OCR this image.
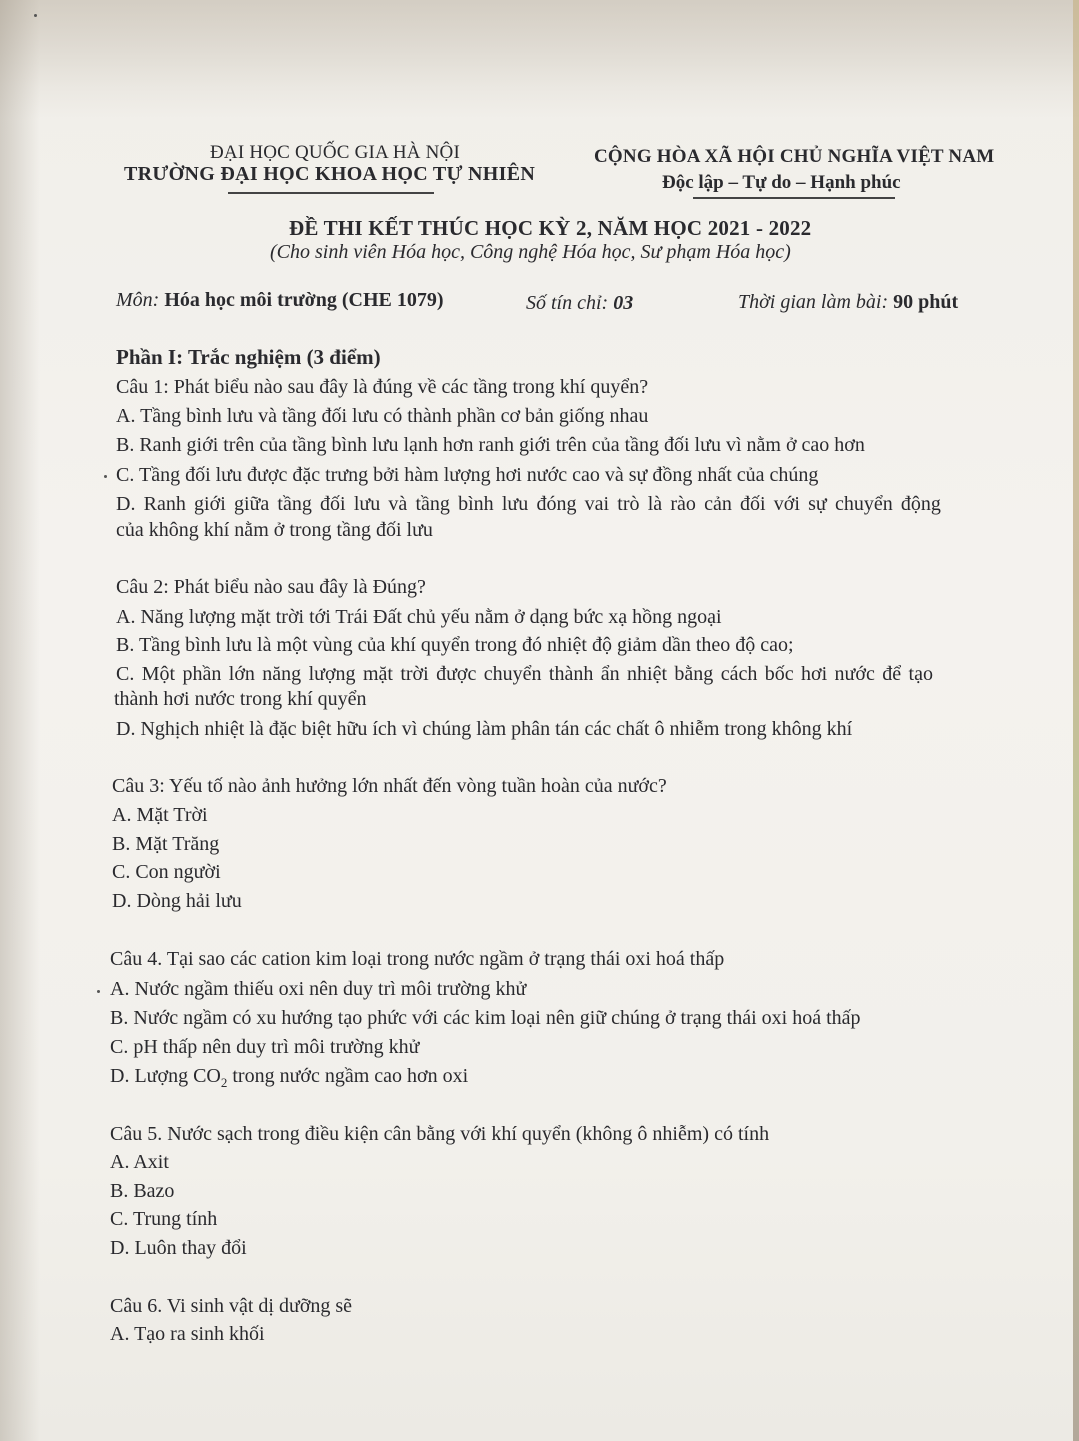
ĐẠI HỌC QUỐC GIA HÀ NỘI
TRƯỜNG ĐẠI HỌC KHOA HỌC TỰ NHIÊN
CỘNG HÒA XÃ HỘI CHỦ NGHĨA VIỆT NAM
Độc lập – Tự do – Hạnh phúc
ĐỀ THI KẾT THÚC HỌC KỲ 2, NĂM HỌC 2021 - 2022
(Cho sinh viên Hóa học, Công nghệ Hóa học, Sư phạm Hóa học)
Môn: Hóa học môi trường (CHE 1079)	Số tín chỉ: 03	Thời gian làm bài: 90 phút
Phần I: Trắc nghiệm (3 điểm)
Câu 1: Phát biểu nào sau đây là đúng về các tầng trong khí quyển?
A. Tầng bình lưu và tầng đối lưu có thành phần cơ bản giống nhau
B. Ranh giới trên của tầng bình lưu lạnh hơn ranh giới trên của tầng đối lưu vì nằm ở cao hơn
C. Tầng đối lưu được đặc trưng bởi hàm lượng hơi nước cao và sự đồng nhất của chúng
D. Ranh giới giữa tầng đối lưu và tầng bình lưu đóng vai trò là rào cản đối với sự chuyển động
của không khí nằm ở trong tầng đối lưu
Câu 2: Phát biểu nào sau đây là Đúng?
A. Năng lượng mặt trời tới Trái Đất chủ yếu nằm ở dạng bức xạ hồng ngoại
B. Tầng bình lưu là một vùng của khí quyển trong đó nhiệt độ giảm dần theo độ cao;
C. Một phần lớn năng lượng mặt trời được chuyển thành ẩn nhiệt bằng cách bốc hơi nước để tạo
thành hơi nước trong khí quyển
D. Nghịch nhiệt là đặc biệt hữu ích vì chúng làm phân tán các chất ô nhiễm trong không khí
Câu 3: Yếu tố nào ảnh hưởng lớn nhất đến vòng tuần hoàn của nước?
A. Mặt Trời
B. Mặt Trăng
C. Con người
D. Dòng hải lưu
Câu 4. Tại sao các cation kim loại trong nước ngầm ở trạng thái oxi hoá thấp
A. Nước ngầm thiếu oxi nên duy trì môi trường khử
B. Nước ngầm có xu hướng tạo phức với các kim loại nên giữ chúng ở trạng thái oxi hoá thấp
C. pH thấp nên duy trì môi trường khử
D. Lượng $CO_2$ trong nước ngầm cao hơn oxi
Câu 5. Nước sạch trong điều kiện cân bằng với khí quyển (không ô nhiễm) có tính
A. Axit
B. Bazo
C. Trung tính
D. Luôn thay đổi
Câu 6. Vi sinh vật dị dưỡng sẽ
A. Tạo ra sinh khối
